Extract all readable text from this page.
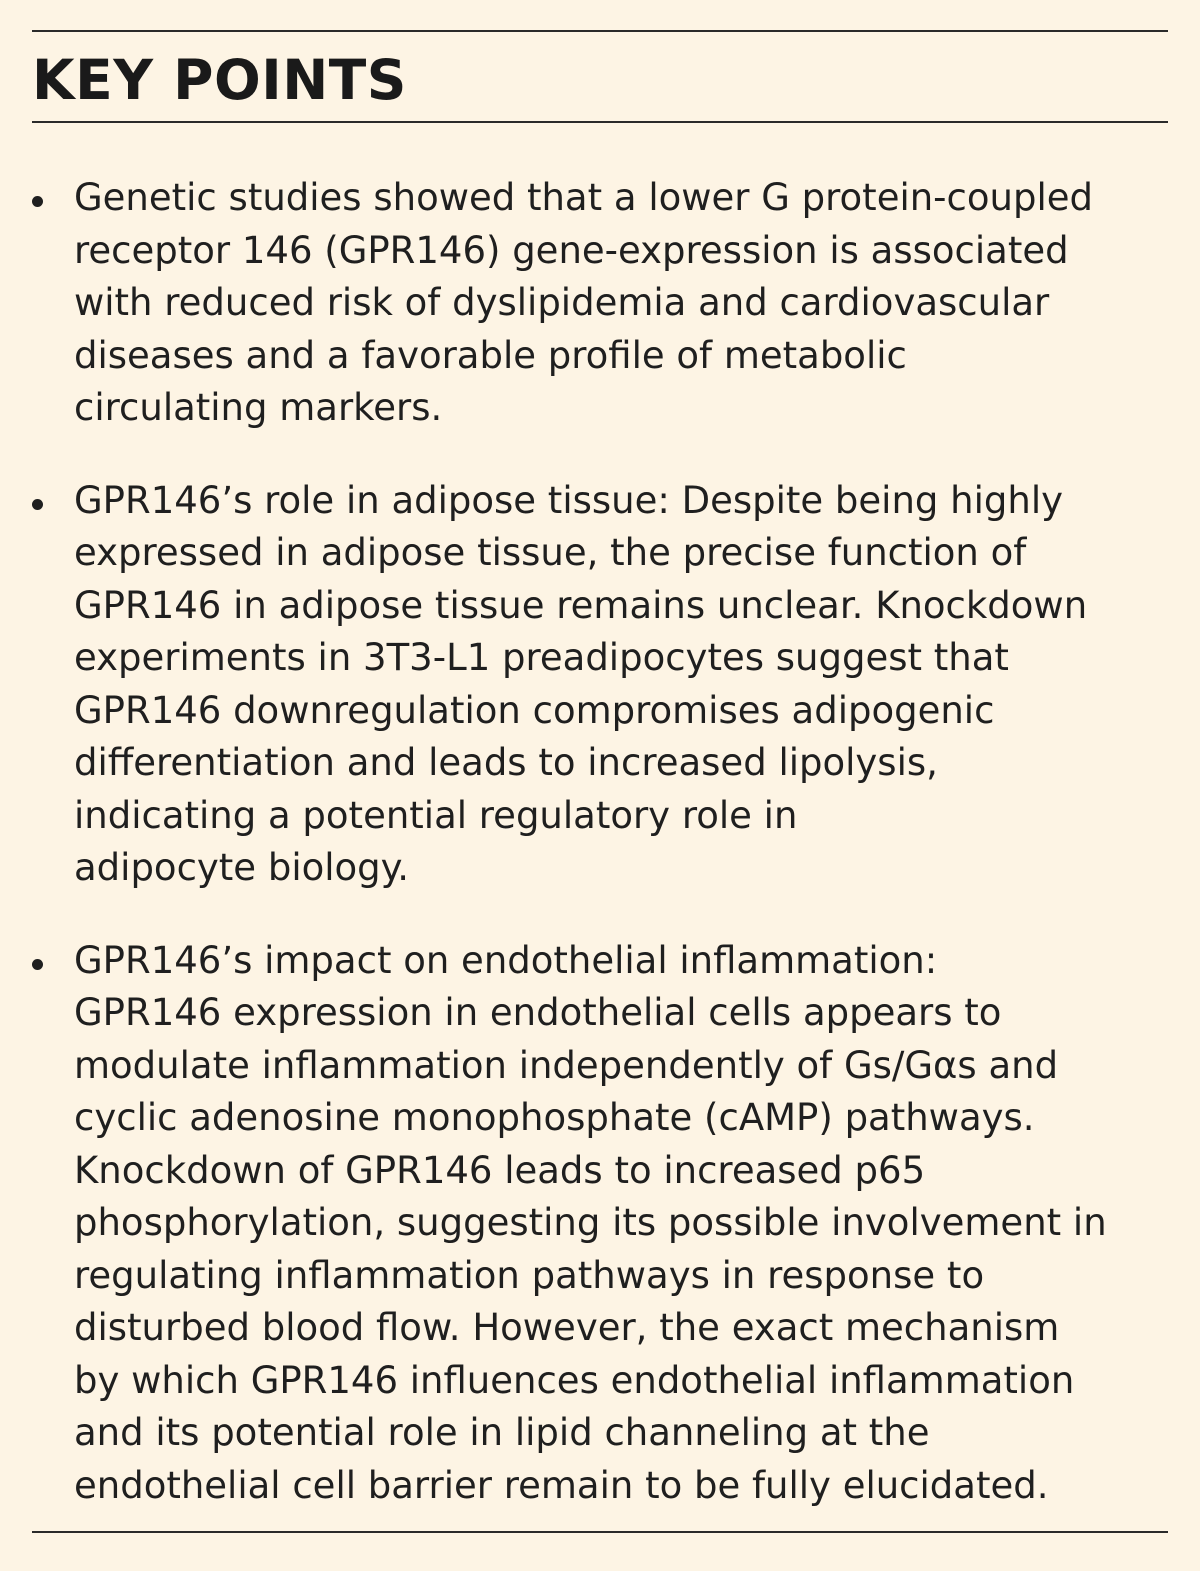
KEY POINTS
Genetic studies showed that a lower G protein-coupled
receptor 146 (GPR146) gene-expression is associated
with reduced risk of dyslipidemia and cardiovascular
diseases and a favorable profile of metabolic
circulating markers.
GPR146’s role in adipose tissue: Despite being highly
expressed in adipose tissue, the precise function of
GPR146 in adipose tissue remains unclear. Knockdown
experiments in 3T3-L1 preadipocytes suggest that
GPR146 downregulation compromises adipogenic
differentiation and leads to increased lipolysis,
indicating a potential regulatory role in
adipocyte biology.
GPR146’s impact on endothelial inflammation:
GPR146 expression in endothelial cells appears to
modulate inflammation independently of Gs/Gαs and
cyclic adenosine monophosphate (cAMP) pathways.
Knockdown of GPR146 leads to increased p65
phosphorylation, suggesting its possible involvement in
regulating inflammation pathways in response to
disturbed blood flow. However, the exact mechanism
by which GPR146 influences endothelial inflammation
and its potential role in lipid channeling at the
endothelial cell barrier remain to be fully elucidated.
